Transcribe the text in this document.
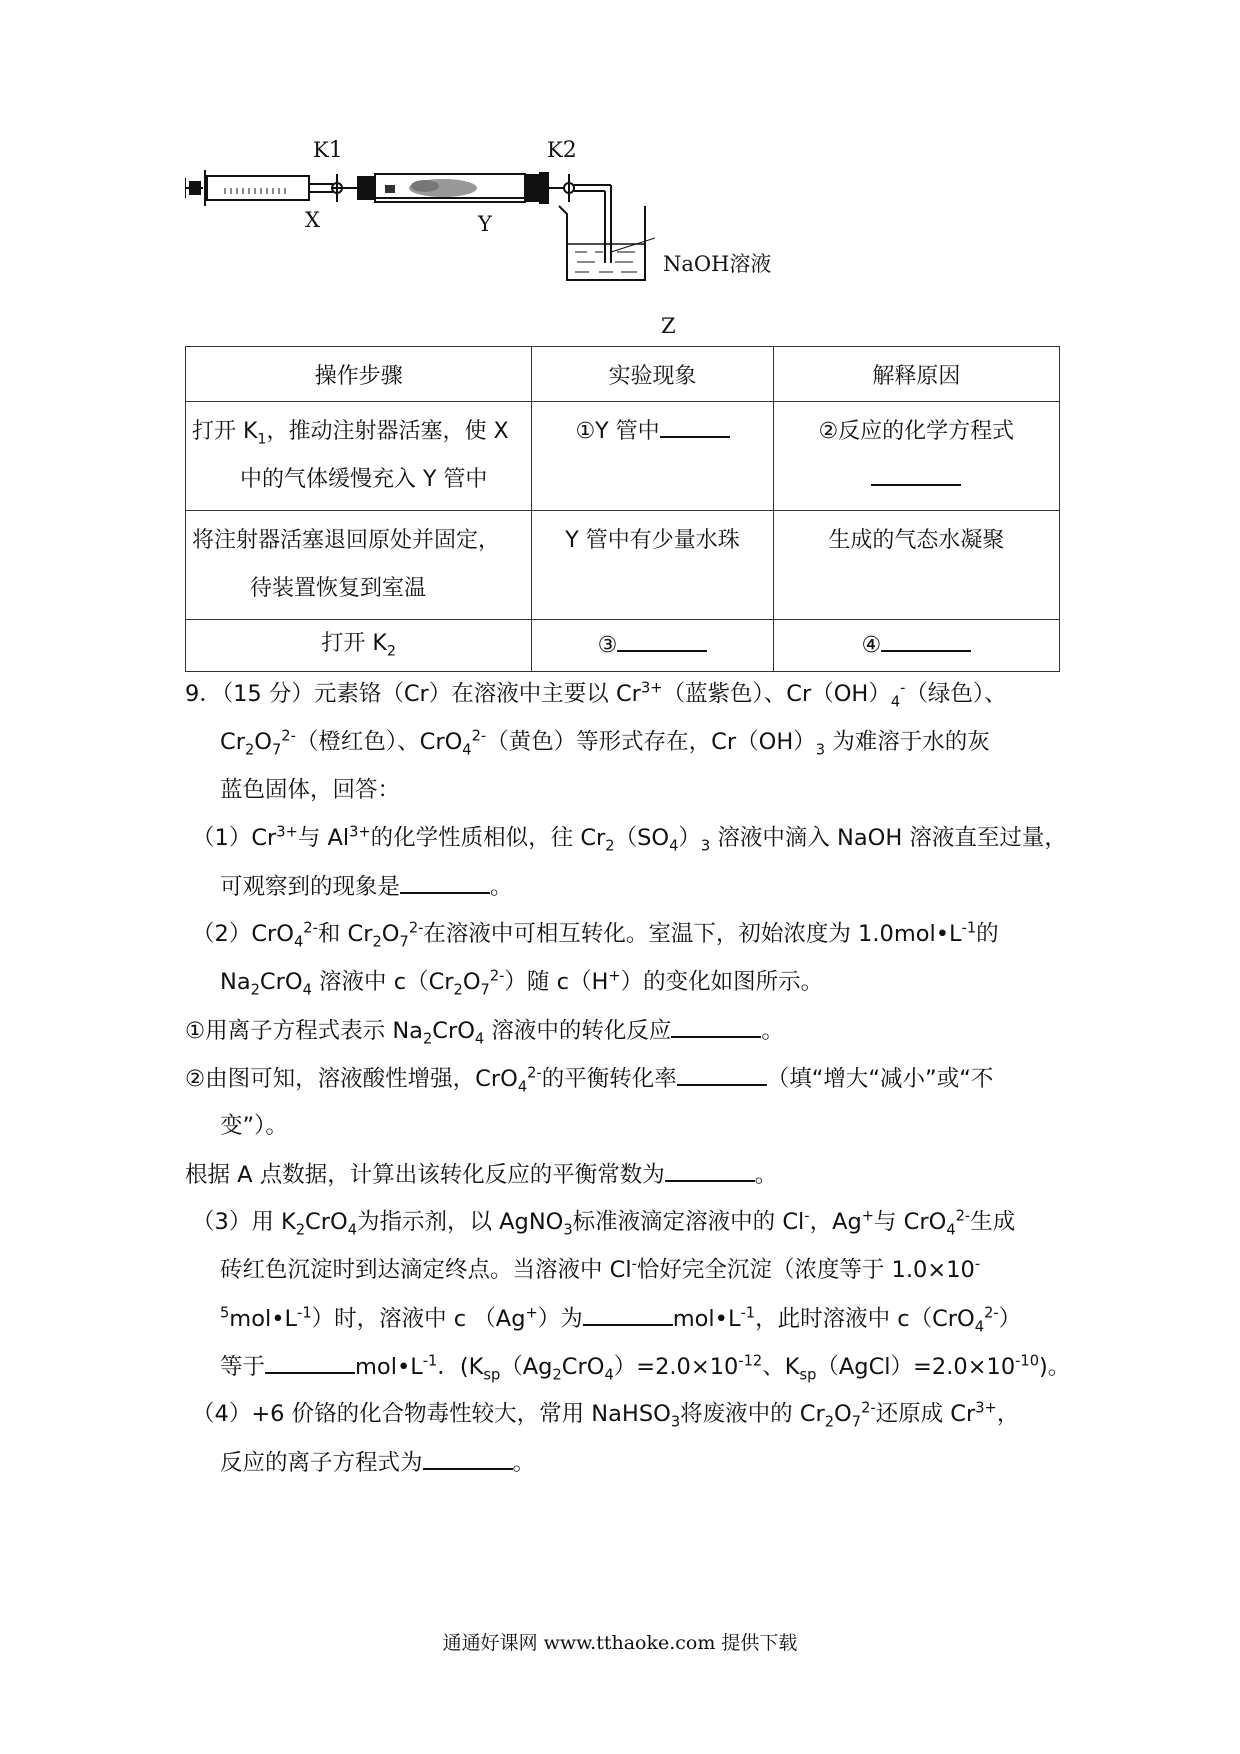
K1	K2
X	Y
NaOH溶液
Z
操作步骤	实验现象	解释原因

打开 $K_1$，推动注射器活塞，使 X
中的气体缓慢充入 Y 管中	①Y 管中	②反应的化学方程式

将注射器活塞退回原处并固定，
待装置恢复到室温	Y 管中有少量水珠	生成的气态水凝聚

打开 $K_2$	③	④
9．（15 分）元素铬（Cr）在溶液中主要以 $Cr^{3+}$（蓝紫色）、$Cr(OH)_4^-$（绿色）、
$Cr_2O_7^{2-}$（橙红色）、CrO$_4^{2-}$（黄色）等形式存在，$Cr(OH)_3$ 为难溶于水的灰
蓝色固体，回答：
$(1)Cr^{3+}$与 $Al^{3+}$的化学性质相似，往 $Cr_2(SO_4)_3$ 溶液中滴入 NaOH 溶液直至过量，
可观察到的现象是	。
（2）CrO$_4^{2-}$和 $Cr_2O_7^{2-}$在溶液中可相互转化。室温下，初始浓度为 $1.0mol•L^{-1}$的
$Na_2CrO_4$ 溶液中 $c(Cr_2O_7^{2-})$随 c（H+）的变化如图所示。
①用离子方程式表示 $Na_2CrO_4$ 溶液中的转化反应	。
②由图可知，溶液酸性增强，CrO$_4^{2-}$的平衡转化率	（填“增大“减小”或“不
变”）。
根据 A 点数据，计算出该转化反应的平衡常数为	。
（3）用 $K_2CrO_4$为指示剂，以 AgNO$_3$标准液滴定溶液中的 Cl-，Ag+与 CrO$_4^{2-}$生成
砖红色沉淀时到达滴定终点。当溶液中 Cl-恰好完全沉淀（浓度等于 1.0×10-
$^5mol•L^{-1}$）时，溶液中 c （Ag+）为	$mol•L^{-1}$，此时溶液中 c（CrO$_4^{2-}$）
等于	$mol•L^{-1}$．($K_{sp}(Ag_2CrO_4)=2.0\times 10^{-12}$、$K_{sp}(AgCl)=2.0\times 10^{-10}$)。
（4）+6 价铬的化合物毒性较大，常用 NaHSO$_3$将废液中的 $Cr_2O_7^{2-}$还原成 $Cr^{3+}$，
反应的离子方程式为	。
通通好课网 www.tthaoke.com 提供下载
